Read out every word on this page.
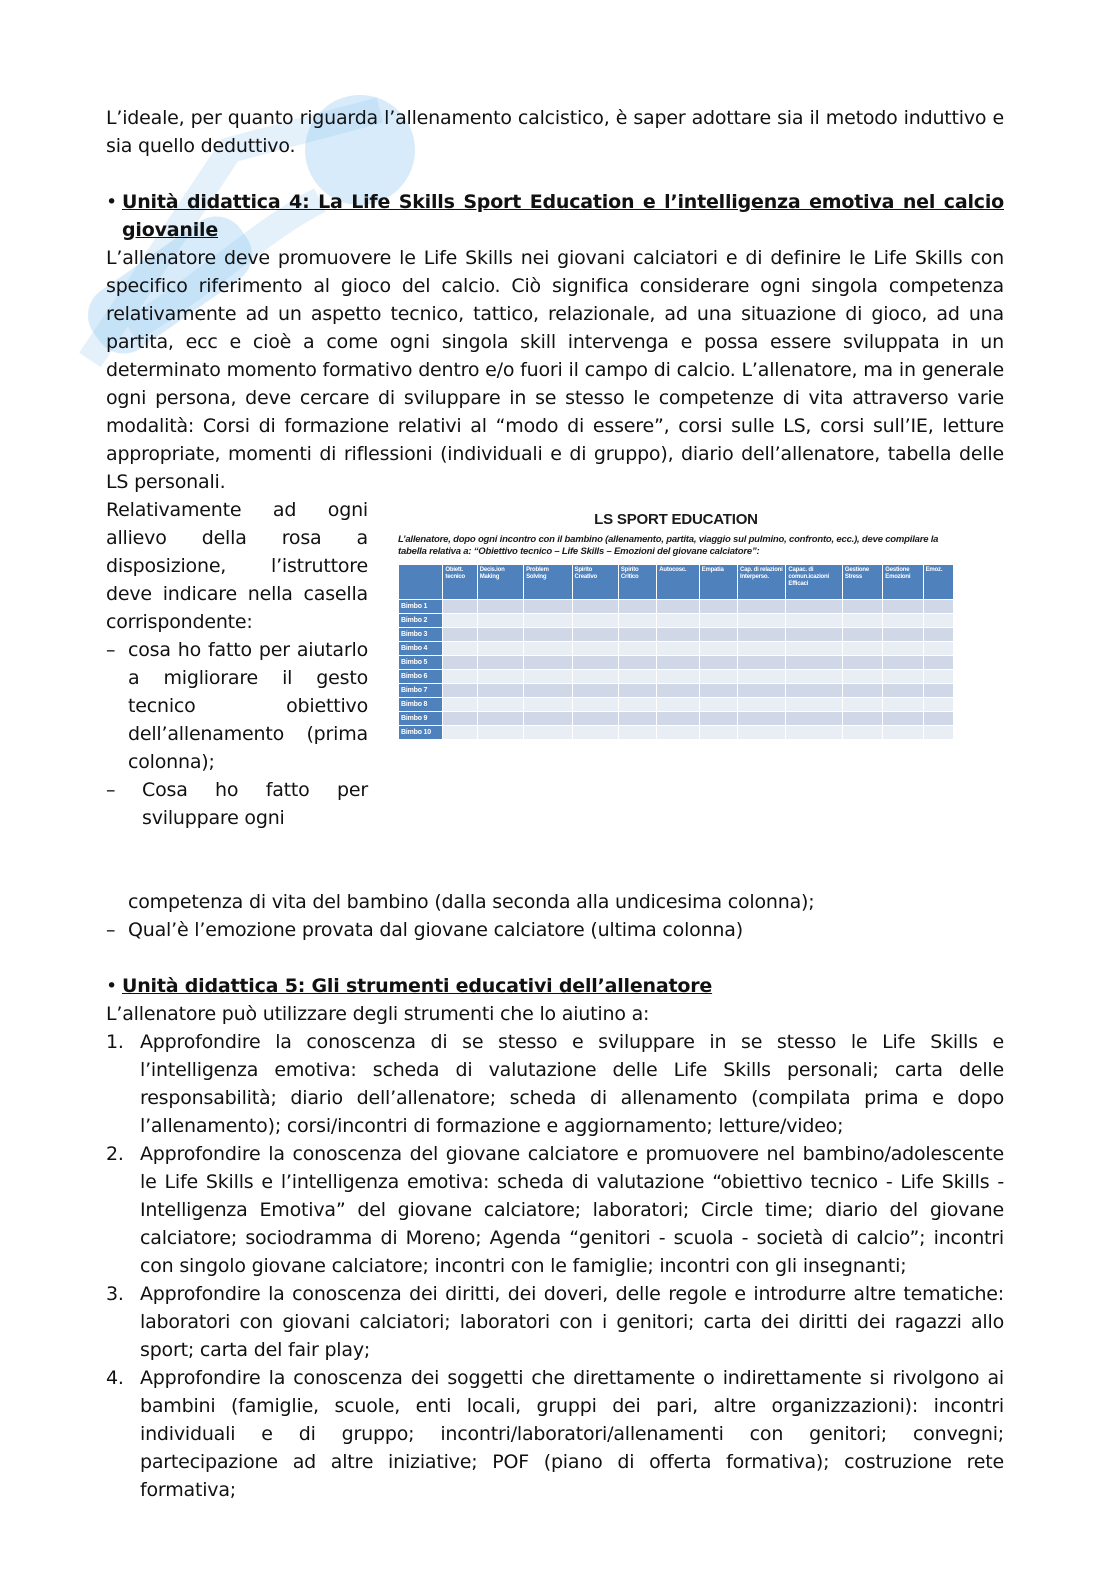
L’ideale, per quanto riguarda l’allenamento calcistico, è saper adottare sia il metodo induttivo e sia quello deduttivo.

• Unità didattica 4: La Life Skills Sport Education e l’intelligenza emotiva nel calcio giovanile

L’allenatore deve promuovere le Life Skills nei giovani calciatori e di definire le Life Skills con specifico riferimento al gioco del calcio. Ciò significa considerare ogni singola competenza relativamente ad un aspetto tecnico, tattico, relazionale, ad una situazione di gioco, ad una partita, ecc e cioè a come ogni singola skill intervenga e possa essere sviluppata in un determinato momento formativo dentro e/o fuori il campo di calcio. L’allenatore, ma in generale ogni persona, deve cercare di sviluppare in se stesso le competenze di vita attraverso varie modalità: Corsi di formazione relativi al “modo di essere”, corsi sulle LS, corsi sull’IE, letture appropriate, momenti di riflessioni (individuali e di gruppo), diario dell’allenatore, tabella delle LS personali.

Relativamente ad ogni allievo della rosa a disposizione, l’istruttore deve indicare nella casella corrispondente:

– cosa ho fatto per aiutarlo a migliorare il gesto tecnico obiettivo dell’allenamento (prima colonna);

–	Cosa ho fatto per sviluppare ogni

LS SPORT EDUCATION
L’allenatore, dopo ogni incontro con il bambino (allenamento, partita, viaggio sul pulmino, confronto, ecc.), deve compilare la tabella relativa a: “Obiettivo tecnico – Life Skills – Emozioni del giovane calciatore”:
	Obiett. tecnico	Decis.ion Making	Problem Solving	Spirito Creativo	Spirito Critico	Autocosc.	Empatia	Cap. di relazioni Interperso.	Capac. di comun.icazioni Efficaci	Gestione Stress	Gestione Emozioni	Emoz.
Bimbo 1												
Bimbo 2												
Bimbo 3												
Bimbo 4												
Bimbo 5												
Bimbo 6												
Bimbo 7												
Bimbo 8												
Bimbo 9												
Bimbo 10												

competenza di vita del bambino (dalla seconda alla undicesima colonna);

– Qual’è l’emozione provata dal giovane calciatore (ultima colonna)

• Unità didattica 5: Gli strumenti educativi dell’allenatore

L’allenatore può utilizzare degli strumenti che lo aiutino a:

1. Approfondire la conoscenza di se stesso e sviluppare in se stesso le Life Skills e l’intelligenza emotiva: scheda di valutazione delle Life Skills personali; carta delle responsabilità; diario dell’allenatore; scheda di allenamento (compilata prima e dopo l’allenamento); corsi/incontri di formazione e aggiornamento; letture/video;
2. Approfondire la conoscenza del giovane calciatore e promuovere nel bambino/adolescente le Life Skills e l’intelligenza emotiva: scheda di valutazione “obiettivo tecnico - Life Skills - Intelligenza Emotiva” del giovane calciatore; laboratori; Circle time; diario del giovane calciatore; sociodramma di Moreno; Agenda “genitori - scuola - società di calcio”; incontri con singolo giovane calciatore; incontri con le famiglie; incontri con gli insegnanti;
3. Approfondire la conoscenza dei diritti, dei doveri, delle regole e introdurre altre tematiche: laboratori con giovani calciatori; laboratori con i genitori; carta dei diritti dei ragazzi allo sport; carta del fair play;
4. Approfondire la conoscenza dei soggetti che direttamente o indirettamente si rivolgono ai bambini (famiglie, scuole, enti locali, gruppi dei pari, altre organizzazioni): incontri individuali e di gruppo; incontri/laboratori/allenamenti con genitori; convegni; partecipazione ad altre iniziative; POF (piano di offerta formativa); costruzione rete formativa;
